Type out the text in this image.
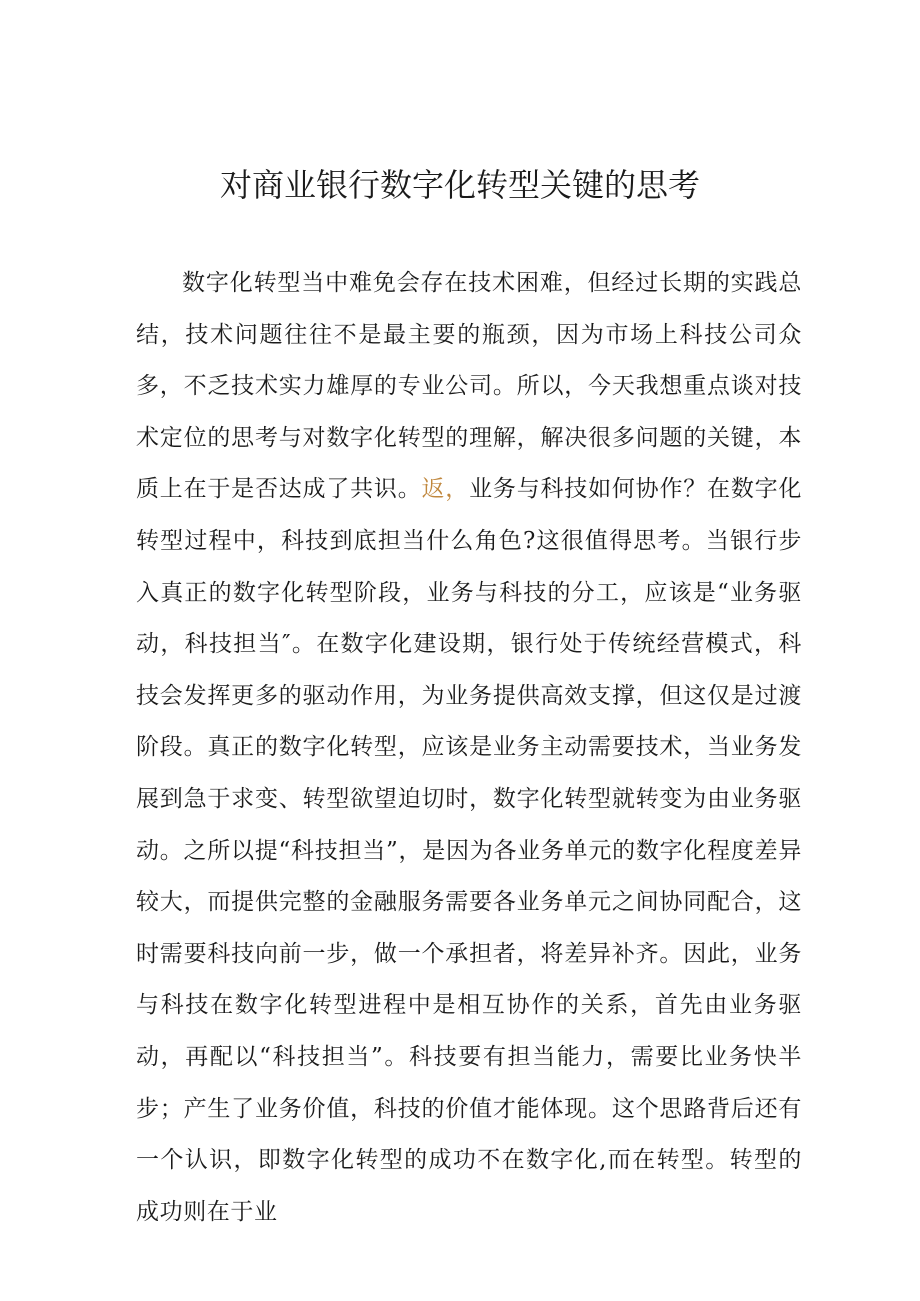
对商业银行数字化转型关键的思考

数字化转型当中难免会存在技术困难，但经过长期的实践总结，技术问题往往不是最主要的瓶颈，因为市场上科技公司众多，不乏技术实力雄厚的专业公司。所以，今天我想重点谈对技术定位的思考与对数字化转型的理解，解决很多问题的关键，本质上在于是否达成了共识。返，业务与科技如何协作？在数字化转型过程中，科技到底担当什么角色?这很值得思考。当银行步入真正的数字化转型阶段，业务与科技的分工，应该是“业务驱动，科技担当″。在数字化建设期，银行处于传统经营模式，科技会发挥更多的驱动作用，为业务提供高效支撑，但这仅是过渡阶段。真正的数字化转型，应该是业务主动需要技术，当业务发展到急于求变、转型欲望迫切时，数字化转型就转变为由业务驱动。之所以提“科技担当”，是因为各业务单元的数字化程度差异较大，而提供完整的金融服务需要各业务单元之间协同配合，这时需要科技向前一步，做一个承担者，将差异补齐。因此，业务与科技在数字化转型进程中是相互协作的关系，首先由业务驱动，再配以“科技担当”。科技要有担当能力，需要比业务快半步；产生了业务价值，科技的价值才能体现。这个思路背后还有一个认识，即数字化转型的成功不在数字化,而在转型。转型的成功则在于业
